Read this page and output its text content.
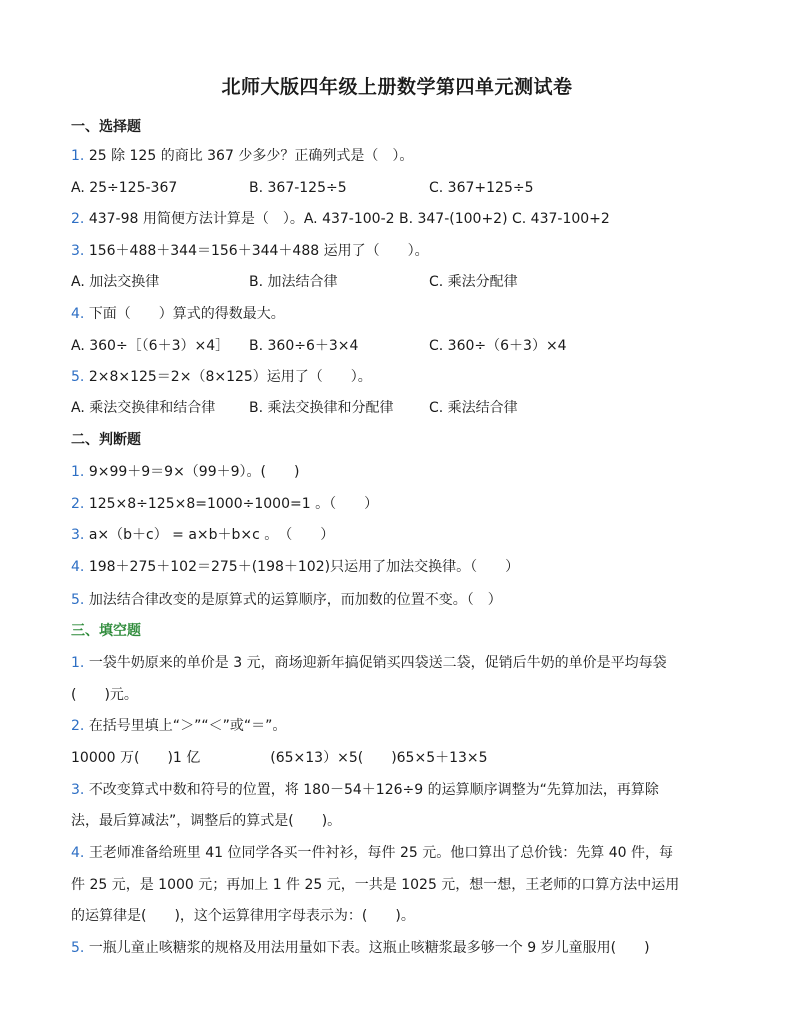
北师大版四年级上册数学第四单元测试卷
一、选择题
1. 25 除 125 的商比 367 少多少？正确列式是（　）。
A. 25÷125-367	B. 367-125÷5	C. 367+125÷5
2. 437-98 用简便方法计算是（　）。A. 437-100-2 B. 347-(100+2) C. 437-100+2
3. 156＋488＋344＝156＋344＋488 运用了（　　）。
A. 加法交换律	B. 加法结合律	C. 乘法分配律
4. 下面（　　）算式的得数最大。
A. 360÷［（6＋3）×4］ B. 360÷6＋3×4	C. 360÷（6＋3）×4
5. 2×8×125＝2×（8×125）运用了（　　）。
A. 乘法交换律和结合律 B. 乘法交换律和分配律	C. 乘法结合律
二、判断题
1. 9×99＋9＝9×（99＋9）。(　　)
2. 125×8÷125×8=1000÷1000=1 。（　　）
3. a×（b＋c） = a×b＋b×c 。　（　　）
4. 198＋275＋102＝275＋(198＋102)只运用了加法交换律。（　　）
5. 加法结合律改变的是原算式的运算顺序，而加数的位置不变。（　）
三、填空题
1. 一袋牛奶原来的单价是 3 元，商场迎新年搞促销买四袋送二袋，促销后牛奶的单价是平均每袋
(　　)元。
2. 在括号里填上“＞”“＜”或“＝”。
10000 万(　　)1 亿　　　　　(65×13）×5(　　)65×5＋13×5
3. 不改变算式中数和符号的位置，将 180－54＋126÷9 的运算顺序调整为“先算加法，再算除
法，最后算减法”，调整后的算式是(　　)。
4. 王老师准备给班里 41 位同学各买一件衬衫，每件 25 元。他口算出了总价钱：先算 40 件，每
件 25 元，是 1000 元；再加上 1 件 25 元，一共是 1025 元，想一想，王老师的口算方法中运用
的运算律是(　　)，这个运算律用字母表示为：(　　)。
5. 一瓶儿童止咳糖浆的规格及用法用量如下表。这瓶止咳糖浆最多够一个 9 岁儿童服用(　　)
